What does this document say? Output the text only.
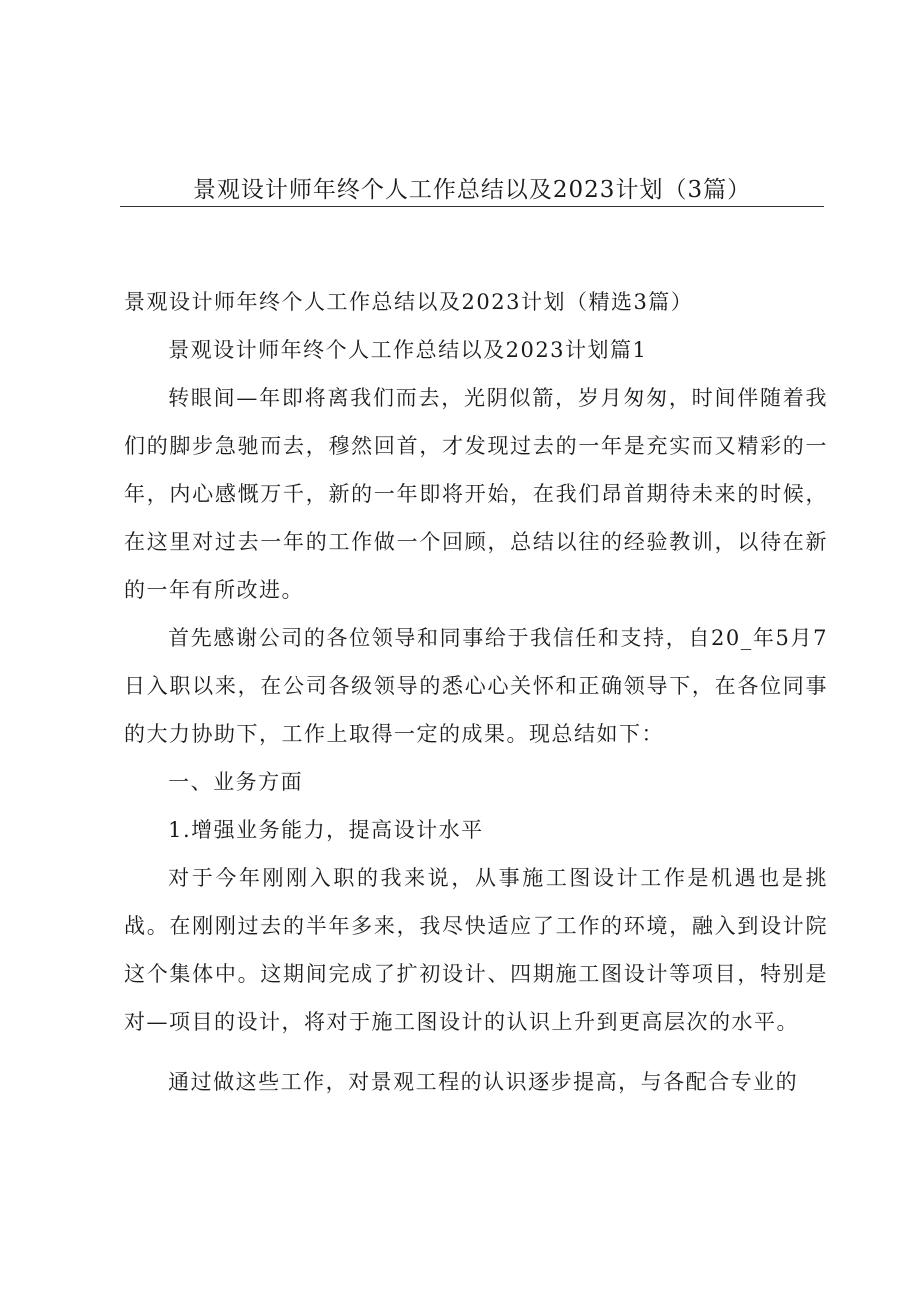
景观设计师年终个人工作总结以及2023计划（3篇）

景观设计师年终个人工作总结以及2023计划（精选3篇）

景观设计师年终个人工作总结以及2023计划篇1

转眼间—年即将离我们而去，光阴似箭，岁月匆匆，时间伴随着我们的脚步急驰而去，穆然回首，才发现过去的一年是充实而又精彩的一年，内心感慨万千，新的一年即将开始，在我们昂首期待未来的时候，在这里对过去一年的工作做一个回顾，总结以往的经验教训，以待在新的一年有所改进。

首先感谢公司的各位领导和同事给于我信任和支持，自20_年5月7日入职以来，在公司各级领导的悉心心关怀和正确领导下，在各位同事的大力协助下，工作上取得一定的成果。现总结如下：

一、业务方面

1.增强业务能力，提高设计水平

对于今年刚刚入职的我来说，从事施工图设计工作是机遇也是挑战。在刚刚过去的半年多来，我尽快适应了工作的环境，融入到设计院这个集体中。这期间完成了扩初设计、四期施工图设计等项目，特别是对—项目的设计，将对于施工图设计的认识上升到更高层次的水平。

通过做这些工作，对景观工程的认识逐步提高，与各配合专业的
